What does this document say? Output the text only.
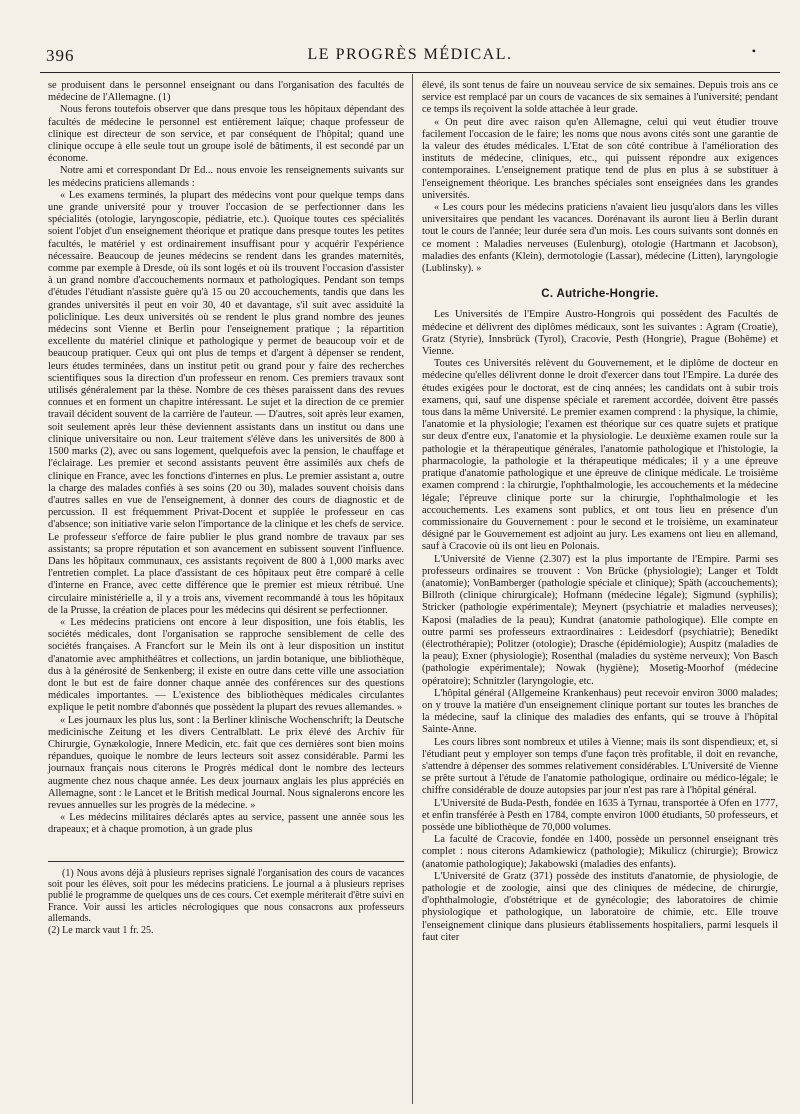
396	LE PROGRÈS MÉDICAL.	•

se produisent dans le personnel enseignant ou dans l'organisation des facultés de médecine de l'Allemagne. (1)

Nous ferons toutefois observer que dans presque tous les hôpitaux dépendant des facultés de médecine le personnel est entièrement laïque; chaque professeur de clinique est directeur de son service, et par conséquent de l'hôpital; quand une clinique occupe à elle seule tout un groupe isolé de bâtiments, il est secondé par un économe.

Notre ami et correspondant Dr Ed... nous envoie les renseignements suivants sur les médecins praticiens allemands :

« Les examens terminés, la plupart des médecins vont pour quelque temps dans une grande université pour y trouver l'occasion de se perfectionner dans les spécialités (otologie, laryngoscopie, pédiatrie, etc.). Quoique toutes ces spécialités soient l'objet d'un enseignement théorique et pratique dans presque toutes les petites facultés, le matériel y est ordinairement insuffisant pour y acquérir l'expérience nécessaire. Beaucoup de jeunes médecins se rendent dans les grandes maternités, comme par exemple à Dresde, où ils sont logés et où ils trouvent l'occasion d'assister à un grand nombre d'accouchements normaux et pathologiques. Pendant son temps d'études l'étudiant n'assiste guère qu'à 15 ou 20 accouchements, tandis que dans les grandes universités il peut en voir 30, 40 et davantage, s'il suit avec assiduité la policlinique. Les deux universités où se rendent le plus grand nombre des jeunes médecins sont Vienne et Berlin pour l'enseignement pratique ; la répartition excellente du matériel clinique et pathologique y permet de beaucoup voir et de beaucoup pratiquer. Ceux qui ont plus de temps et d'argent à dépenser se rendent, leurs études terminées, dans un institut petit ou grand pour y faire des recherches scientifiques sous la direction d'un professeur en renom. Ces premiers travaux sont utilisés généralement par la thèse. Nombre de ces thèses paraissent dans des revues connues et en forment un chapitre intéressant. Le sujet et la direction de ce premier travail décident souvent de la carrière de l'auteur. — D'autres, soit après leur examen, soit seulement après leur thèse deviennent assistants dans un institut ou dans une clinique universitaire ou non. Leur traitement s'élève dans les universités de 800 à 1500 marks (2), avec ou sans logement, quelquefois avec la pension, le chauffage et l'éclairage. Les premier et second assistants peuvent être assimilés aux chefs de clinique en France, avec les fonctions d'internes en plus. Le premier assistant a, outre la charge des malades confiés à ses soins (20 ou 30), malades souvent choisis dans d'autres salles en vue de l'enseignement, à donner des cours de diagnostic et de percussion. Il est fréquemment Privat-Docent et supplée le professeur en cas d'absence; son initiative varie selon l'importance de la clinique et les chefs de service. Le professeur s'efforce de faire publier le plus grand nombre de travaux par ses assistants; sa propre réputation et son avancement en subissent souvent l'influence. Dans les hôpitaux communaux, ces assistants reçoivent de 800 à 1,000 marks avec l'entretien complet. La place d'assistant de ces hôpitaux peut être comparé à celle d'interne en France, avec cette différence que le premier est mieux rétribué. Une circulaire ministérielle a, il y a trois ans, vivement recommandé à tous les hôpitaux de la Prusse, la création de places pour les médecins qui désirent se perfectionner.

« Les médecins praticiens ont encore à leur disposition, une fois établis, les sociétés médicales, dont l'organisation se rapproche sensiblement de celle des sociétés françaises. A Francfort sur le Mein ils ont à leur disposition un institut d'anatomie avec amphithéâtres et collections, un jardin botanique, une bibliothèque, dus à la générosité de Senkenberg; il existe en outre dans cette ville une association dont le but est de faire donner chaque année des conférences sur des questions médicales importantes. — L'existence des bibliothèques médicales circulantes explique le petit nombre d'abonnés que possèdent la plupart des revues allemandes. »

« Les journaux les plus lus, sont : la Berliner klinische Wochenschrift; la Deutsche medicinische Zeitung et les divers Centralblatt. Le prix élevé des Archiv für Chirurgie, Gynækologie, Innere Medicin, etc. fait que ces dernières sont bien moins répandues, quoique le nombre de leurs lecteurs soit assez considérable. Parmi les journaux français nous citerons le Progrès médical dont le nombre des lecteurs augmente chez nous chaque année. Les deux journaux anglais les plus appréciés en Allemagne, sont : le Lancet et le British medical Journal. Nous signalerons encore les revues annuelles sur les progrès de la médecine. »

« Les médecins militaires déclarés aptes au service, passent une année sous les drapeaux; et à chaque promotion, à un grade plus

(1) Nous avons déjà à plusieurs reprises signalé l'organisation des cours de vacances soit pour les élèves, soit pour les médecins praticiens. Le journal a à plusieurs reprises publié le programme de quelques uns de ces cours. Cet exemple mériterait d'être suivi en France. Voir aussi les articles nécrologiques que nous consacrons aux professeurs allemands.

(2) Le marck vaut 1 fr. 25.

élevé, ils sont tenus de faire un nouveau service de six semaines. Depuis trois ans ce service est remplacé par un cours de vacances de six semaines à l'université; pendant ce temps ils reçoivent la solde attachée à leur grade.

« On peut dire avec raison qu'en Allemagne, celui qui veut étudier trouve facilement l'occasion de le faire; les noms que nous avons cités sont une garantie de la valeur des études médicales. L'Etat de son côté contribue à l'amélioration des instituts de médecine, cliniques, etc., qui puissent répondre aux exigences contemporaines. L'enseignement pratique tend de plus en plus à se substituer à l'enseignement théorique. Les branches spéciales sont enseignées dans les grandes universités.

« Les cours pour les médecins praticiens n'avaient lieu jusqu'alors dans les villes universitaires que pendant les vacances. Dorénavant ils auront lieu à Berlin durant tout le cours de l'année; leur durée sera d'un mois. Les cours suivants sont donnés en ce moment : Maladies nerveuses (Eulenburg), otologie (Hartmann et Jacobson), maladies des enfants (Klein), dermotologie (Lassar), médecine (Litten), laryngologie (Lublinsky). »

C. Autriche-Hongrie.

Les Universités de l'Empire Austro-Hongrois qui possèdent des Facultés de médecine et délivrent des diplômes médicaux, sont les suivantes : Agram (Croatie), Gratz (Styrie), Innsbrück (Tyrol), Cracovie, Pesth (Hongrie), Prague (Bohême) et Vienne.

Toutes ces Universités relèvent du Gouvernement, et le diplôme de docteur en médecine qu'elles délivrent donne le droit d'exercer dans tout l'Empire. La durée des études exigées pour le doctorat, est de cinq années; les candidats ont à subir trois examens, qui, sauf une dispense spéciale et rarement accordée, doivent être passés tous dans la même Université. Le premier examen comprend : la physique, la chimie, l'anatomie et la physiologie; l'examen est théorique sur ces quatre sujets et pratique sur deux d'entre eux, l'anatomie et la physiologie. Le deuxième examen roule sur la pathologie et la thérapeutique générales, l'anatomie pathologique et l'histologie, la pharmacologie, la pathologie et la thérapeutique médicales; il y a une épreuve pratique d'anatomie pathologique et une épreuve de clinique médicale. Le troisième examen comprend : la chirurgie, l'ophthalmologie, les accouchements et la médecine légale; l'épreuve clinique porte sur la chirurgie, l'ophthalmologie et les accouchements. Les examens sont publics, et ont tous lieu en présence d'un commissionaire du Gouvernement : pour le second et le troisième, un examinateur désigné par le Gouvernement est adjoint au jury. Les examens ont lieu en allemand, sauf à Cracovie où ils ont lieu en Polonais.

L'Université de Vienne (2.307) est la plus importante de l'Empire. Parmi ses professeurs ordinaires se trouvent : Von Brücke (physiologie); Langer et Toldt (anatomie); VonBamberger (pathologie spéciale et clinique); Späth (accouchements); Billroth (clinique chirurgicale); Hofmann (médecine légale); Sigmund (syphilis); Stricker (pathologie expérimentale); Meynert (psychiatrie et maladies nerveuses); Kaposi (maladies de la peau); Kundrat (anatomie pathologique). Elle compte en outre parmi ses professeurs extraordinaires : Leidesdorf (psychiatrie); Benedikt (électrothérapie); Politzer (otologie); Drasche (épidémiologie); Auspitz (maladies de la peau); Exner (physiologie); Rosenthal (maladies du système nerveux); Von Basch (pathologie expérimentale); Nowak (hygiène); Mosetig-Moorhof (médecine opératoire); Schnitzler (laryngologie, etc.

L'hôpital général (Allgemeine Krankenhaus) peut recevoir environ 3000 malades; on y trouve la matière d'un enseignement clinique portant sur toutes les branches de la médecine, sauf la clinique des maladies des enfants, qui se trouve à l'hôpital Sainte-Anne.

Les cours libres sont nombreux et utiles à Vienne; mais ils sont dispendieux; et, si l'étudiant peut y employer son temps d'une façon très profitable, il doit en revanche, s'attendre à dépenser des sommes relativement considérables. L'Université de Vienne se prête surtout à l'étude de l'anatomie pathologique, ordinaire ou médico-légale; le chiffre considérable de douze autopsies par jour n'est pas rare à l'hôpital général.

L'Université de Buda-Pesth, fondée en 1635 à Tyrnau, transportée à Ofen en 1777, et enfin transférée à Pesth en 1784, compte environ 1000 étudiants, 50 professeurs, et possède une bibliothèque de 70,000 volumes.

La faculté de Cracovie, fondée en 1400, possède un personnel enseignant très complet : nous citerons Adamkiewicz (pathologie); Mikulicz (chirurgie); Browicz (anatomie pathologique); Jakabowski (maladies des enfants).

L'Université de Gratz (371) possède des instituts d'anatomie, de physiologie, de pathologie et de zoologie, ainsi que des cliniques de médecine, de chirurgie, d'ophthalmologie, d'obstétrique et de gynécologie; des laboratoires de chimie physiologique et pathologique, un laboratoire de chimie, etc. Elle trouve l'enseignement clinique dans plusieurs établissements hospitaliers, parmi lesquels il faut citer
